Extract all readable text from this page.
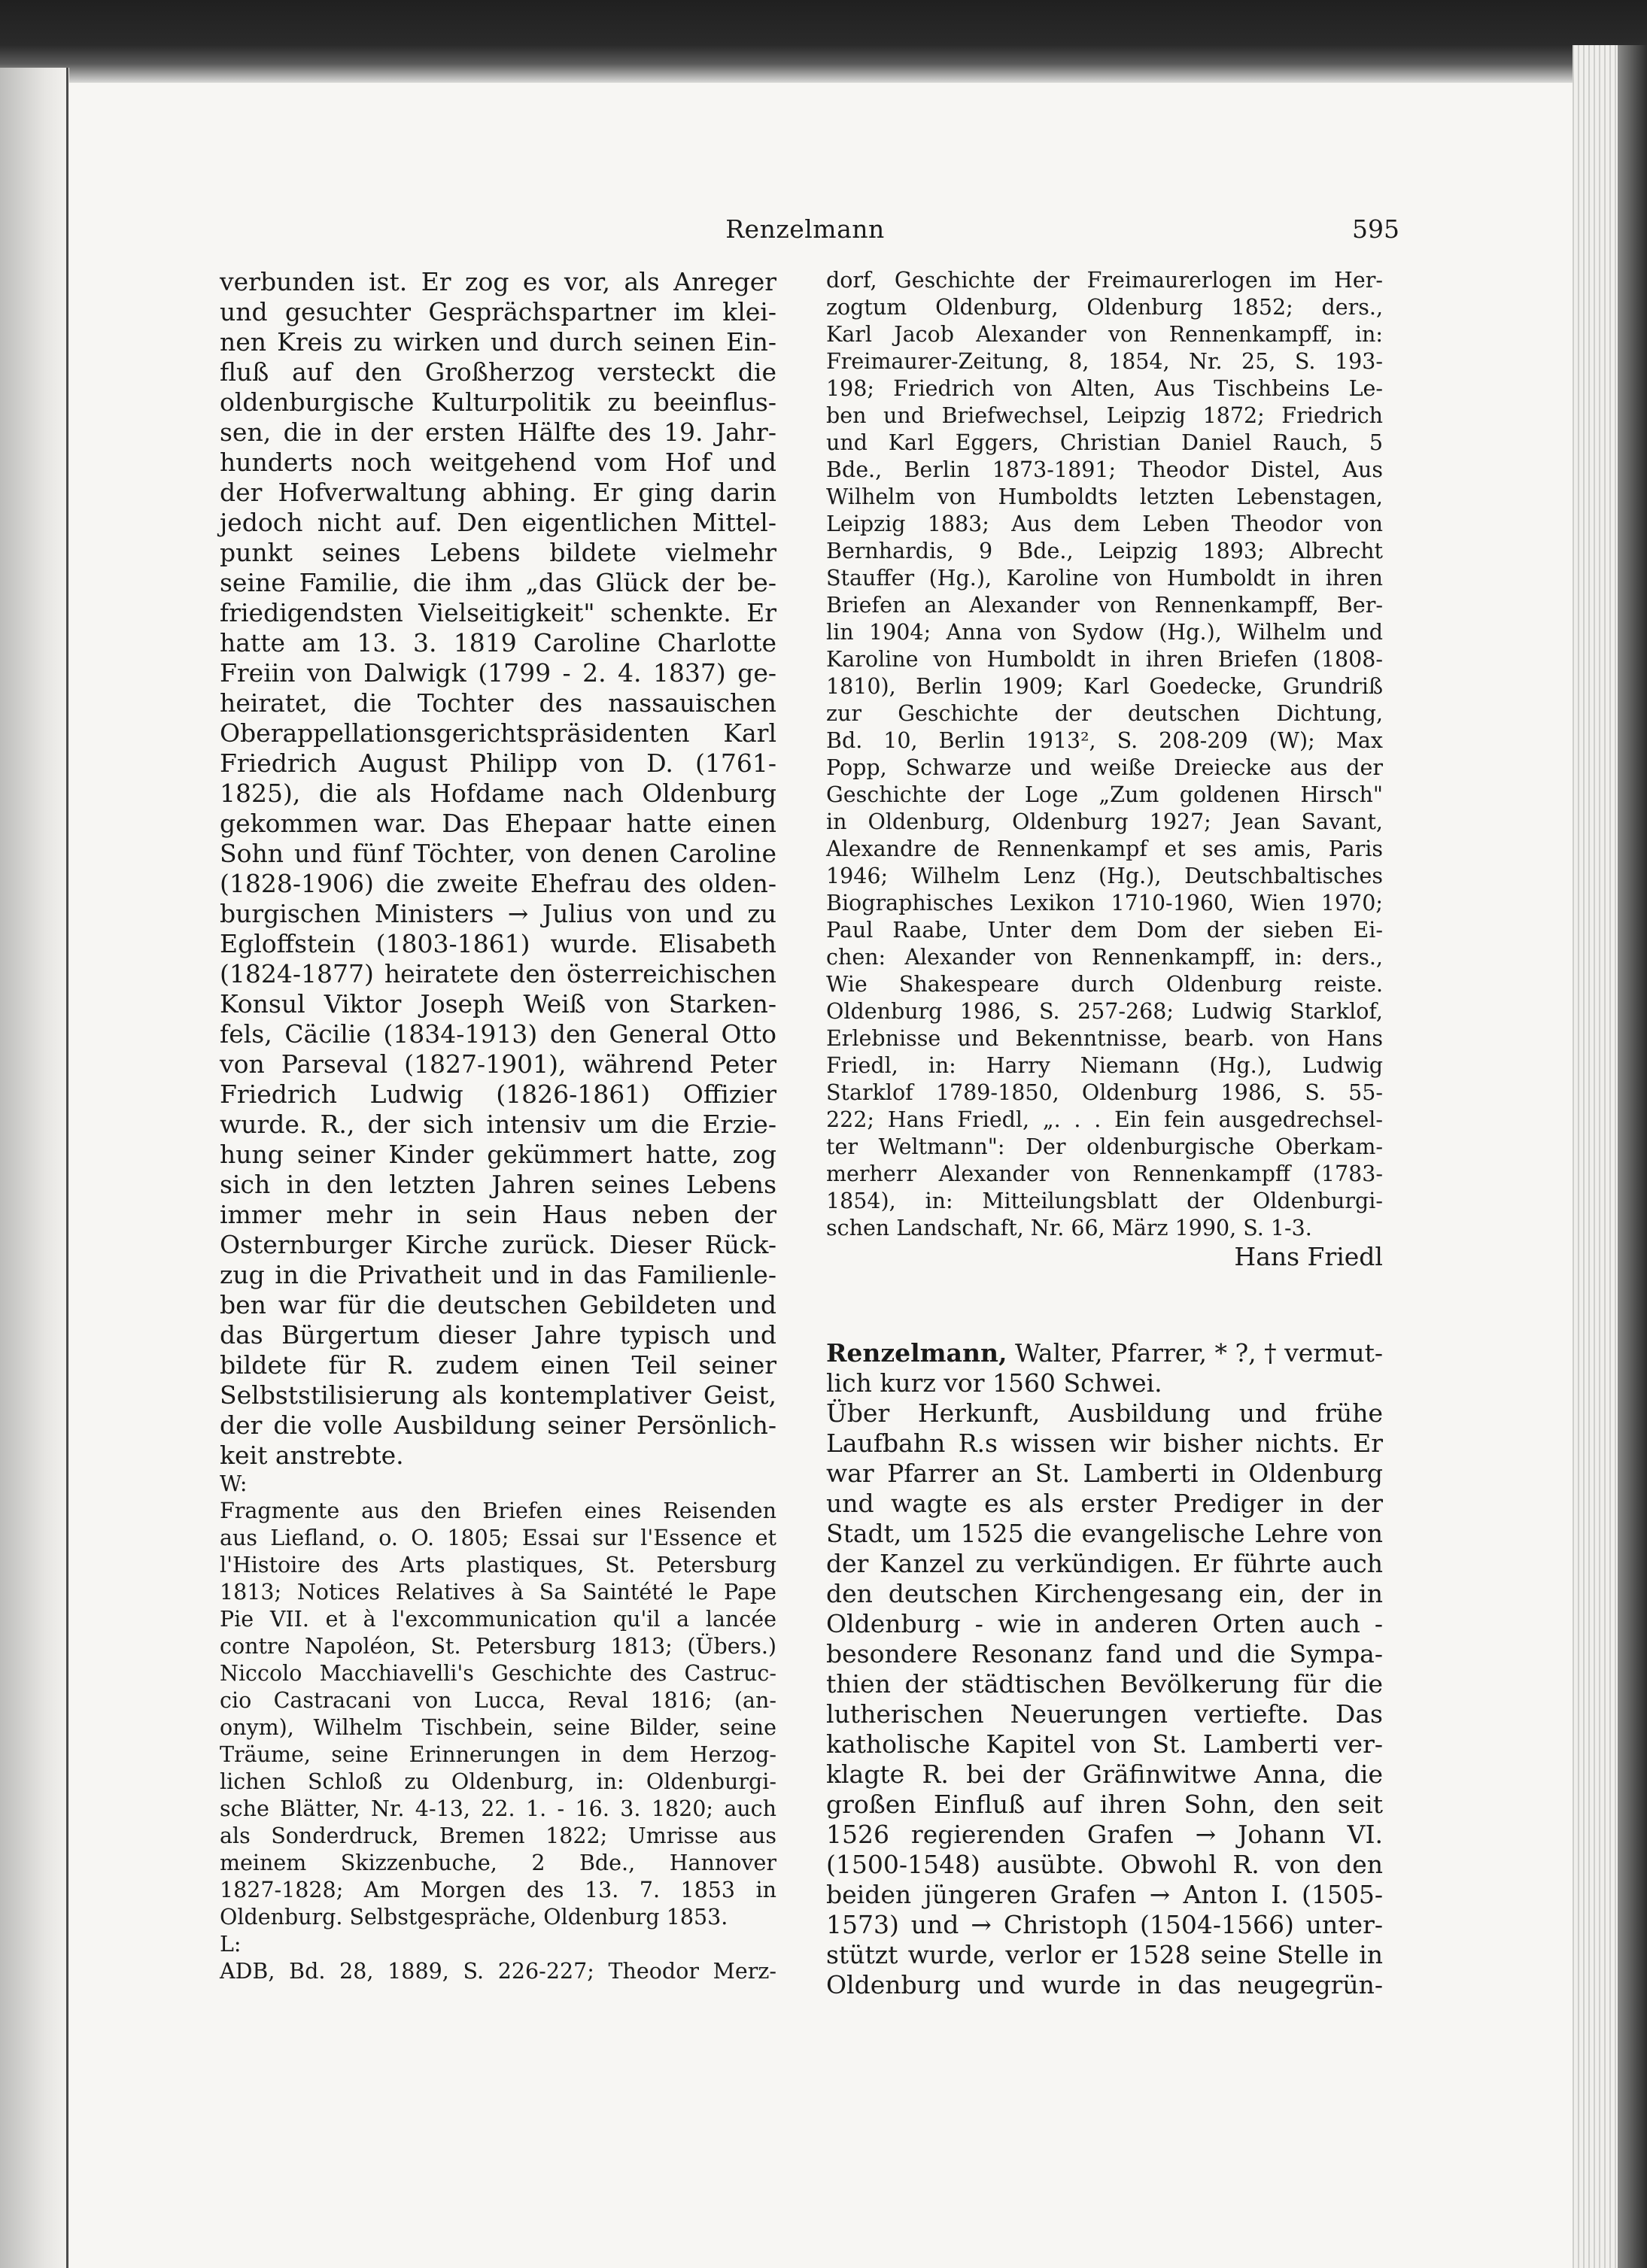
Renzelmann	595
verbunden ist. Er zog es vor, als Anreger
und gesuchter Gesprächspartner im klei-
nen Kreis zu wirken und durch seinen Ein-
fluß auf den Großherzog versteckt die
oldenburgische Kulturpolitik zu beeinflus-
sen, die in der ersten Hälfte des 19. Jahr-
hunderts noch weitgehend vom Hof und
der Hofverwaltung abhing. Er ging darin
jedoch nicht auf. Den eigentlichen Mittel-
punkt seines Lebens bildete vielmehr
seine Familie, die ihm „das Glück der be-
friedigendsten Vielseitigkeit" schenkte. Er
hatte am 13. 3. 1819 Caroline Charlotte
Freiin von Dalwigk (1799 - 2. 4. 1837) ge-
heiratet, die Tochter des nassauischen
Oberappellationsgerichtspräsidenten Karl
Friedrich August Philipp von D. (1761-
1825), die als Hofdame nach Oldenburg
gekommen war. Das Ehepaar hatte einen
Sohn und fünf Töchter, von denen Caroline
(1828-1906) die zweite Ehefrau des olden-
burgischen Ministers → Julius von und zu
Egloffstein (1803-1861) wurde. Elisabeth
(1824-1877) heiratete den österreichischen
Konsul Viktor Joseph Weiß von Starken-
fels, Cäcilie (1834-1913) den General Otto
von Parseval (1827-1901), während Peter
Friedrich Ludwig (1826-1861) Offizier
wurde. R., der sich intensiv um die Erzie-
hung seiner Kinder gekümmert hatte, zog
sich in den letzten Jahren seines Lebens
immer mehr in sein Haus neben der
Osternburger Kirche zurück. Dieser Rück-
zug in die Privatheit und in das Familienle-
ben war für die deutschen Gebildeten und
das Bürgertum dieser Jahre typisch und
bildete für R. zudem einen Teil seiner
Selbststilisierung als kontemplativer Geist,
der die volle Ausbildung seiner Persönlich-
keit anstrebte.
W:
Fragmente aus den Briefen eines Reisenden
aus Liefland, o. O. 1805; Essai sur l'Essence et
l'Histoire des Arts plastiques, St. Petersburg
1813; Notices Relatives à Sa Saintété le Pape
Pie VII. et à l'excommunication qu'il a lancée
contre Napoléon, St. Petersburg 1813; (Übers.)
Niccolo Macchiavelli's Geschichte des Castruc-
cio Castracani von Lucca, Reval 1816; (an-
onym), Wilhelm Tischbein, seine Bilder, seine
Träume, seine Erinnerungen in dem Herzog-
lichen Schloß zu Oldenburg, in: Oldenburgi-
sche Blätter, Nr. 4-13, 22. 1. - 16. 3. 1820; auch
als Sonderdruck, Bremen 1822; Umrisse aus
meinem Skizzenbuche, 2 Bde., Hannover
1827-1828; Am Morgen des 13. 7. 1853 in
Oldenburg. Selbstgespräche, Oldenburg 1853.
L:
ADB, Bd. 28, 1889, S. 226-227; Theodor Merz-
dorf, Geschichte der Freimaurerlogen im Her-
zogtum Oldenburg, Oldenburg 1852; ders.,
Karl Jacob Alexander von Rennenkampff, in:
Freimaurer-Zeitung, 8, 1854, Nr. 25, S. 193-
198; Friedrich von Alten, Aus Tischbeins Le-
ben und Briefwechsel, Leipzig 1872; Friedrich
und Karl Eggers, Christian Daniel Rauch, 5
Bde., Berlin 1873-1891; Theodor Distel, Aus
Wilhelm von Humboldts letzten Lebenstagen,
Leipzig 1883; Aus dem Leben Theodor von
Bernhardis, 9 Bde., Leipzig 1893; Albrecht
Stauffer (Hg.), Karoline von Humboldt in ihren
Briefen an Alexander von Rennenkampff, Ber-
lin 1904; Anna von Sydow (Hg.), Wilhelm und
Karoline von Humboldt in ihren Briefen (1808-
1810), Berlin 1909; Karl Goedecke, Grundriß
zur Geschichte der deutschen Dichtung,
Bd. 10, Berlin 1913², S. 208-209 (W); Max
Popp, Schwarze und weiße Dreiecke aus der
Geschichte der Loge „Zum goldenen Hirsch"
in Oldenburg, Oldenburg 1927; Jean Savant,
Alexandre de Rennenkampf et ses amis, Paris
1946; Wilhelm Lenz (Hg.), Deutschbaltisches
Biographisches Lexikon 1710-1960, Wien 1970;
Paul Raabe, Unter dem Dom der sieben Ei-
chen: Alexander von Rennenkampff, in: ders.,
Wie Shakespeare durch Oldenburg reiste.
Oldenburg 1986, S. 257-268; Ludwig Starklof,
Erlebnisse und Bekenntnisse, bearb. von Hans
Friedl, in: Harry Niemann (Hg.), Ludwig
Starklof 1789-1850, Oldenburg 1986, S. 55-
222; Hans Friedl, „. . . Ein fein ausgedrechsel-
ter Weltmann": Der oldenburgische Oberkam-
merherr Alexander von Rennenkampff (1783-
1854), in: Mitteilungsblatt der Oldenburgi-
schen Landschaft, Nr. 66, März 1990, S. 1-3.
Hans Friedl
Renzelmann, Walter, Pfarrer, * ?, † vermut-
lich kurz vor 1560 Schwei.
Über Herkunft, Ausbildung und frühe
Laufbahn R.s wissen wir bisher nichts. Er
war Pfarrer an St. Lamberti in Oldenburg
und wagte es als erster Prediger in der
Stadt, um 1525 die evangelische Lehre von
der Kanzel zu verkündigen. Er führte auch
den deutschen Kirchengesang ein, der in
Oldenburg - wie in anderen Orten auch -
besondere Resonanz fand und die Sympa-
thien der städtischen Bevölkerung für die
lutherischen Neuerungen vertiefte. Das
katholische Kapitel von St. Lamberti ver-
klagte R. bei der Gräfinwitwe Anna, die
großen Einfluß auf ihren Sohn, den seit
1526 regierenden Grafen → Johann VI.
(1500-1548) ausübte. Obwohl R. von den
beiden jüngeren Grafen → Anton I. (1505-
1573) und → Christoph (1504-1566) unter-
stützt wurde, verlor er 1528 seine Stelle in
Oldenburg und wurde in das neugegrün-
